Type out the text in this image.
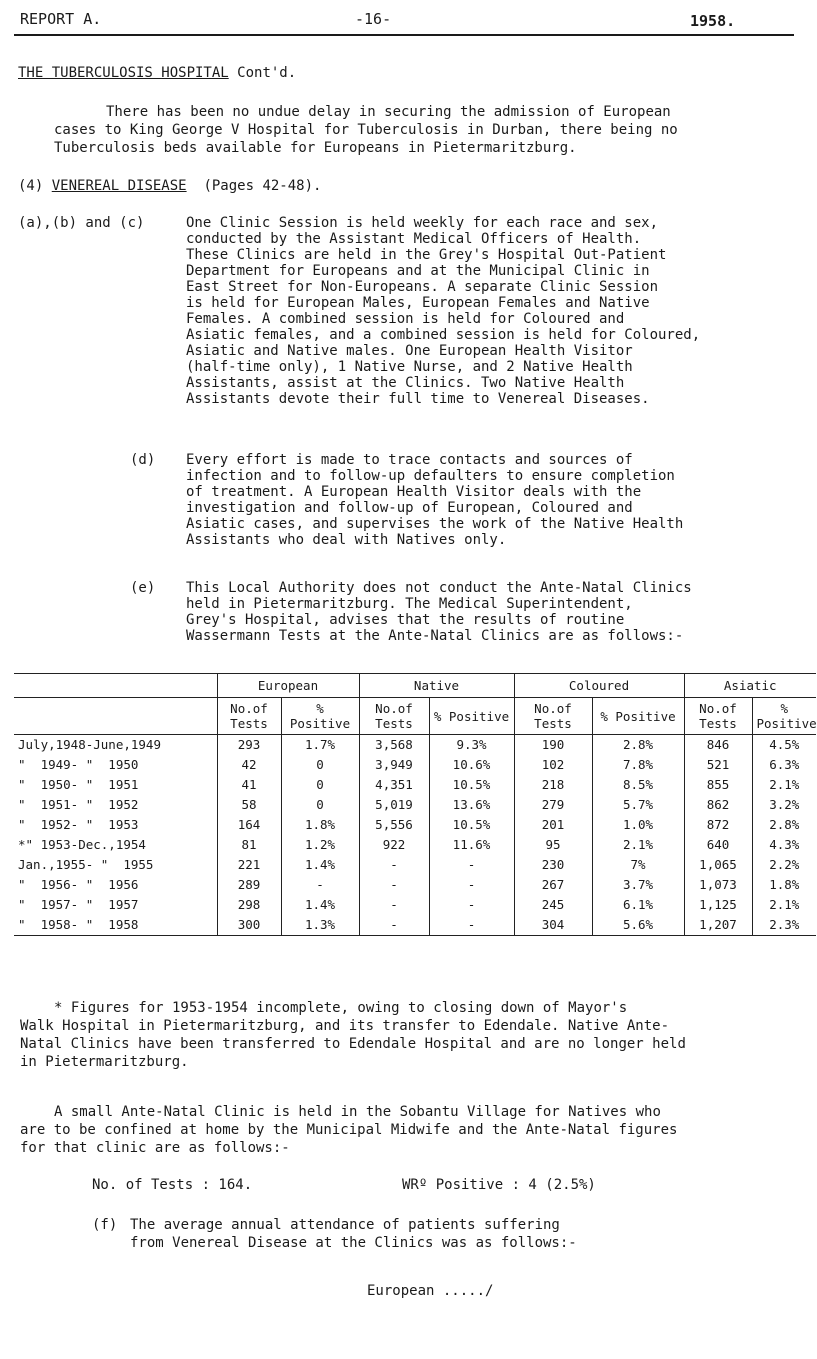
REPORT A.	-16-	1958.
THE TUBERCULOSIS HOSPITAL Cont'd.
There has been no undue delay in securing the admission of European
cases to King George V Hospital for Tuberculosis in Durban, there being no
Tuberculosis beds available for Europeans in Pietermaritzburg.
(4) VENEREAL DISEASE (Pages 42-48).
(a),(b) and (c)	One Clinic Session is held weekly for each race and sex,
conducted by the Assistant Medical Officers of Health.
These Clinics are held in the Grey's Hospital Out-Patient
Department for Europeans and at the Municipal Clinic in
East Street for Non-Europeans. A separate Clinic Session
is held for European Males, European Females and Native
Females. A combined session is held for Coloured and
Asiatic females, and a combined session is held for Coloured,
Asiatic and Native males. One European Health Visitor
(half-time only), 1 Native Nurse, and 2 Native Health
Assistants, assist at the Clinics. Two Native Health
Assistants devote their full time to Venereal Diseases.
(d) Every effort is made to trace contacts and sources of
infection and to follow-up defaulters to ensure completion
of treatment. A European Health Visitor deals with the
investigation and follow-up of European, Coloured and
Asiatic cases, and supervises the work of the Native Health
Assistants who deal with Natives only.
(e) This Local Authority does not conduct the Ante-Natal Clinics
held in Pietermaritzburg. The Medical Superintendent,
Grey's Hospital, advises that the results of routine
Wassermann Tests at the Ante-Natal Clinics are as follows:-
	European		Native		Coloured		Asiatic	
	No.of Tests	% Positive	No.of Tests	% Positive	No.of Tests	% Positive	No.of Tests	% Positive
July,1948-June,1949	293	1.7%	3,568	9.3%	190	2.8%	846	4.5%
"  1949- "  1950	42	0	3,949	10.6%	102	7.8%	521	6.3%
"  1950- "  1951	41	0	4,351	10.5%	218	8.5%	855	2.1%
"  1951- "  1952	58	0	5,019	13.6%	279	5.7%	862	3.2%
"  1952- "  1953	164	1.8%	5,556	10.5%	201	1.0%	872	2.8%
*" 1953-Dec.,1954	81	1.2%	922	11.6%	95	2.1%	640	4.3%
Jan.,1955- "  1955	221	1.4%	-	-	230	7%	1,065	2.2%
"  1956- "  1956	289	-	-	-	267	3.7%	1,073	1.8%
"  1957- "  1957	298	1.4%	-	-	245	6.1%	1,125	2.1%
"  1958- "  1958	300	1.3%	-	-	304	5.6%	1,207	2.3%
* Figures for 1953-1954 incomplete, owing to closing down of Mayor's
Walk Hospital in Pietermaritzburg, and its transfer to Edendale. Native Ante-
Natal Clinics have been transferred to Edendale Hospital and are no longer held
in Pietermaritzburg.
A small Ante-Natal Clinic is held in the Sobantu Village for Natives who
are to be confined at home by the Municipal Midwife and the Ante-Natal figures
for that clinic are as follows:-
No. of Tests : 164.	WRº Positive : 4 (2.5%)
(f) The average annual attendance of patients suffering
from Venereal Disease at the Clinics was as follows:-
European ...../
